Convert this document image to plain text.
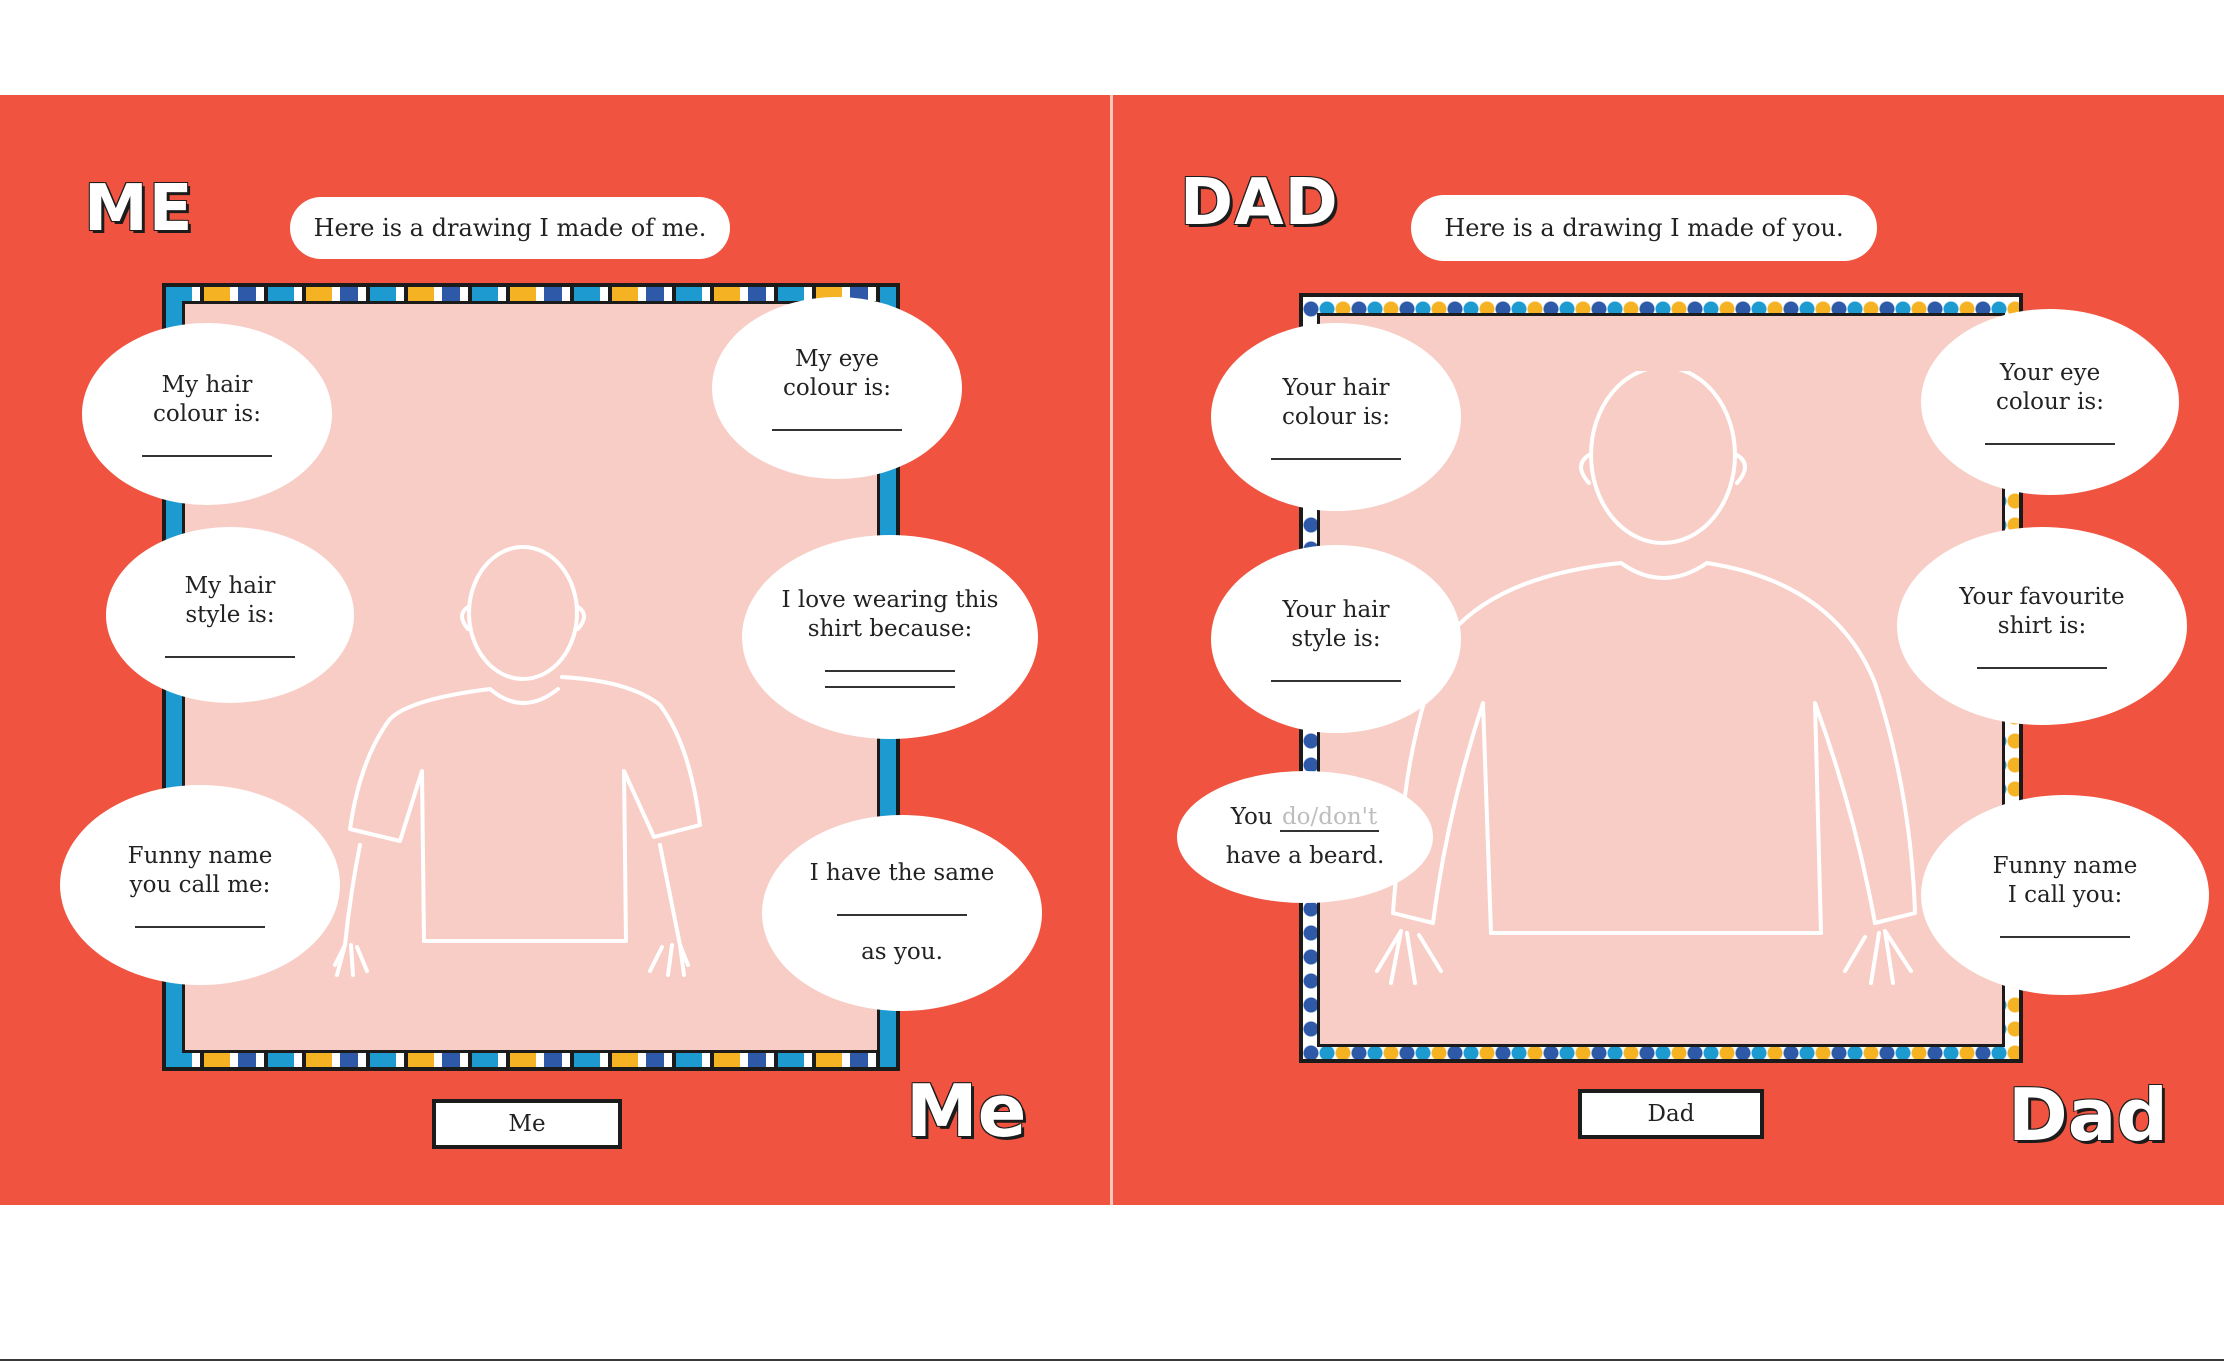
ME	Here is a drawing I made of me.
My hair
colour is:
My eye
colour is:
My hair
style is:
I love wearing this
shirt because:
Funny name
you call me:	I have the same
as you.
Me	Me
DAD	Here is a drawing I made of you.
Your hair
colour is:
Your eye
colour is:
Your hair
style is:
Your favourite
shirt is:
You do/don't
have a beard.	Funny name
I call you:
Dad	Dad
